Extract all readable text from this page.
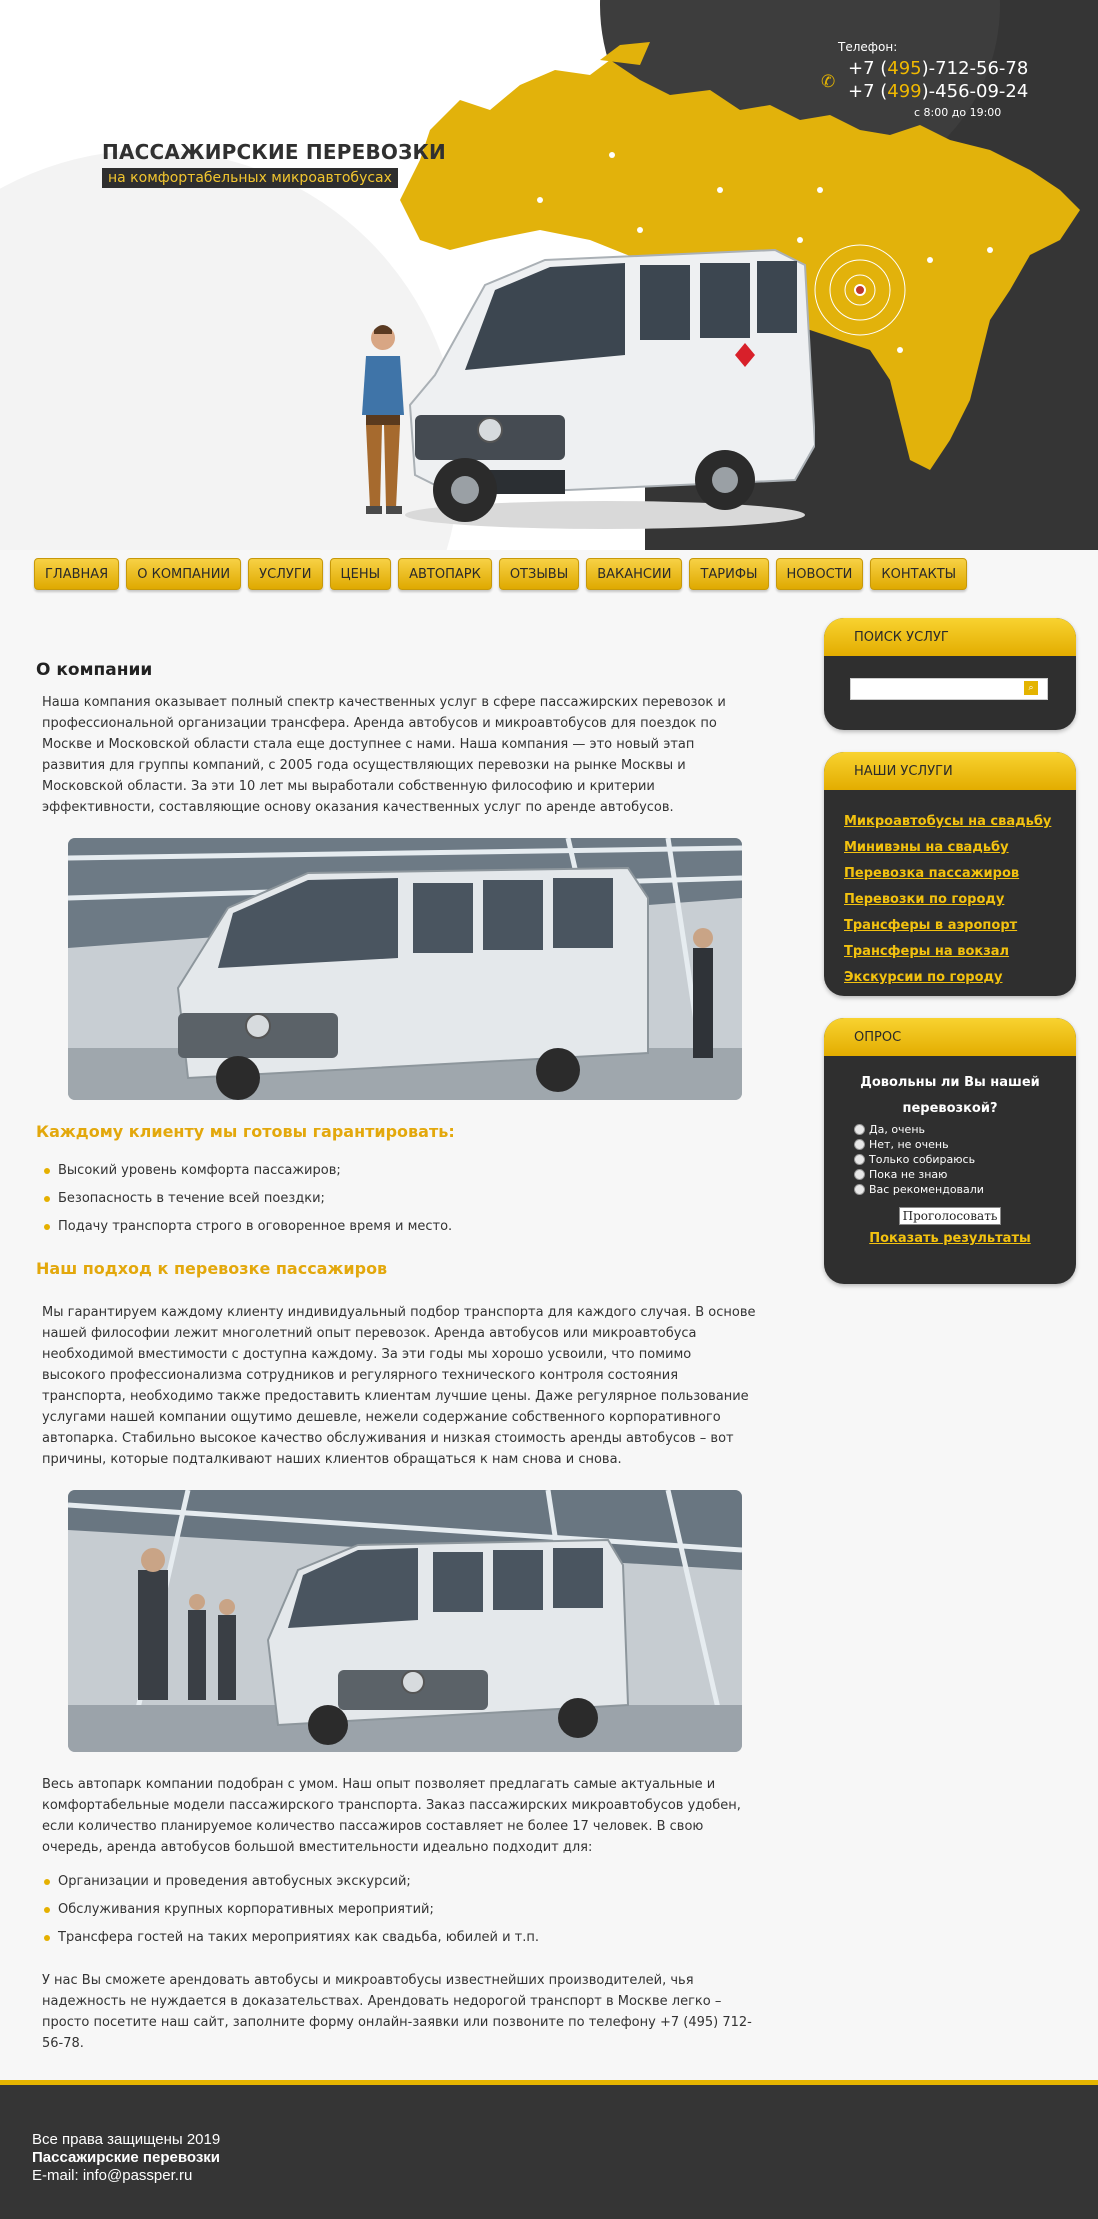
ПАССАЖИРСКИЕ ПЕРЕВОЗКИ
на комфортабельных микроавтобусах
Телефон:
✆
+7 (495)-712-56-78
+7 (499)-456-09-24
с 8:00 до 19:00
ГЛАВНАЯ	О КОМПАНИИ	УСЛУГИ	ЦЕНЫ	АВТОПАРК	ОТЗЫВЫ	ВАКАНСИИ	ТАРИФЫ	НОВОСТИ	КОНТАКТЫ
О компании

Наша компания оказывает полный спектр качественных услуг в сфере пассажирских перевозок и профессиональной организации трансфера. Аренда автобусов и микроавтобусов для поездок по Москве и Московской области стала еще доступнее с нами. Наша компания — это новый этап развития для группы компаний, с 2005 года осуществляющих перевозки на рынке Москвы и Московской области. За эти 10 лет мы выработали собственную философию и критерии эффективности, составляющие основу оказания качественных услуг по аренде автобусов.

Каждому клиенту мы готовы гарантировать:
Высокий уровень комфорта пассажиров;
Безопасность в течение всей поездки;
Подачу транспорта строго в оговоренное время и место.
Наш подход к перевозке пассажиров

Мы гарантируем каждому клиенту индивидуальный подбор транспорта для каждого случая. В основе нашей философии лежит многолетний опыт перевозок. Аренда автобусов или микроавтобуса необходимой вместимости с доступна каждому. За эти годы мы хорошо усвоили, что помимо высокого профессионализма сотрудников и регулярного технического контроля состояния транспорта, необходимо также предоставить клиентам лучшие цены. Даже регулярное пользование услугами нашей компании ощутимо дешевле, нежели содержание собственного корпоративного автопарка. Стабильно высокое качество обслуживания и низкая стоимость аренды автобусов – вот причины, которые подталкивают наших клиентов обращаться к нам снова и снова.

Весь автопарк компании подобран с умом. Наш опыт позволяет предлагать самые актуальные и комфортабельные модели пассажирского транспорта. Заказ пассажирских микроавтобусов удобен, если количество планируемое количество пассажиров составляет не более 17 человек. В свою очередь, аренда автобусов большой вместительности идеально подходит для:

Организации и проведения автобусных экскурсий;
Обслуживания крупных корпоративных мероприятий;
Трансфера гостей на таких мероприятиях как свадьба, юбилей и т.п.

У нас Вы сможете арендовать автобусы и микроавтобусы известнейших производителей, чья надежность не нуждается в доказательствах. Арендовать недорогой транспорт в Москве легко – просто посетите наш сайт, заполните форму онлайн-заявки или позвоните по телефону +7 (495) 712-56-78.

ПОИСК УСЛУГ
⌕
НАШИ УСЛУГИ
Микроавтобусы на свадьбу
Минивэны на свадьбу
Перевозка пассажиров
Перевозки по городу
Трансферы в аэропорт
Трансферы на вокзал
Экскурсии по городу
ОПРОС
Довольны ли Вы нашей перевозкой?
Да, очень
Нет, не очень
Только собираюсь
Пока не знаю
Вас рекомендовали
Проголосовать
Показать результаты
Все права защищены 2019
Пассажирские перевозки
E-mail: info@passper.ru
